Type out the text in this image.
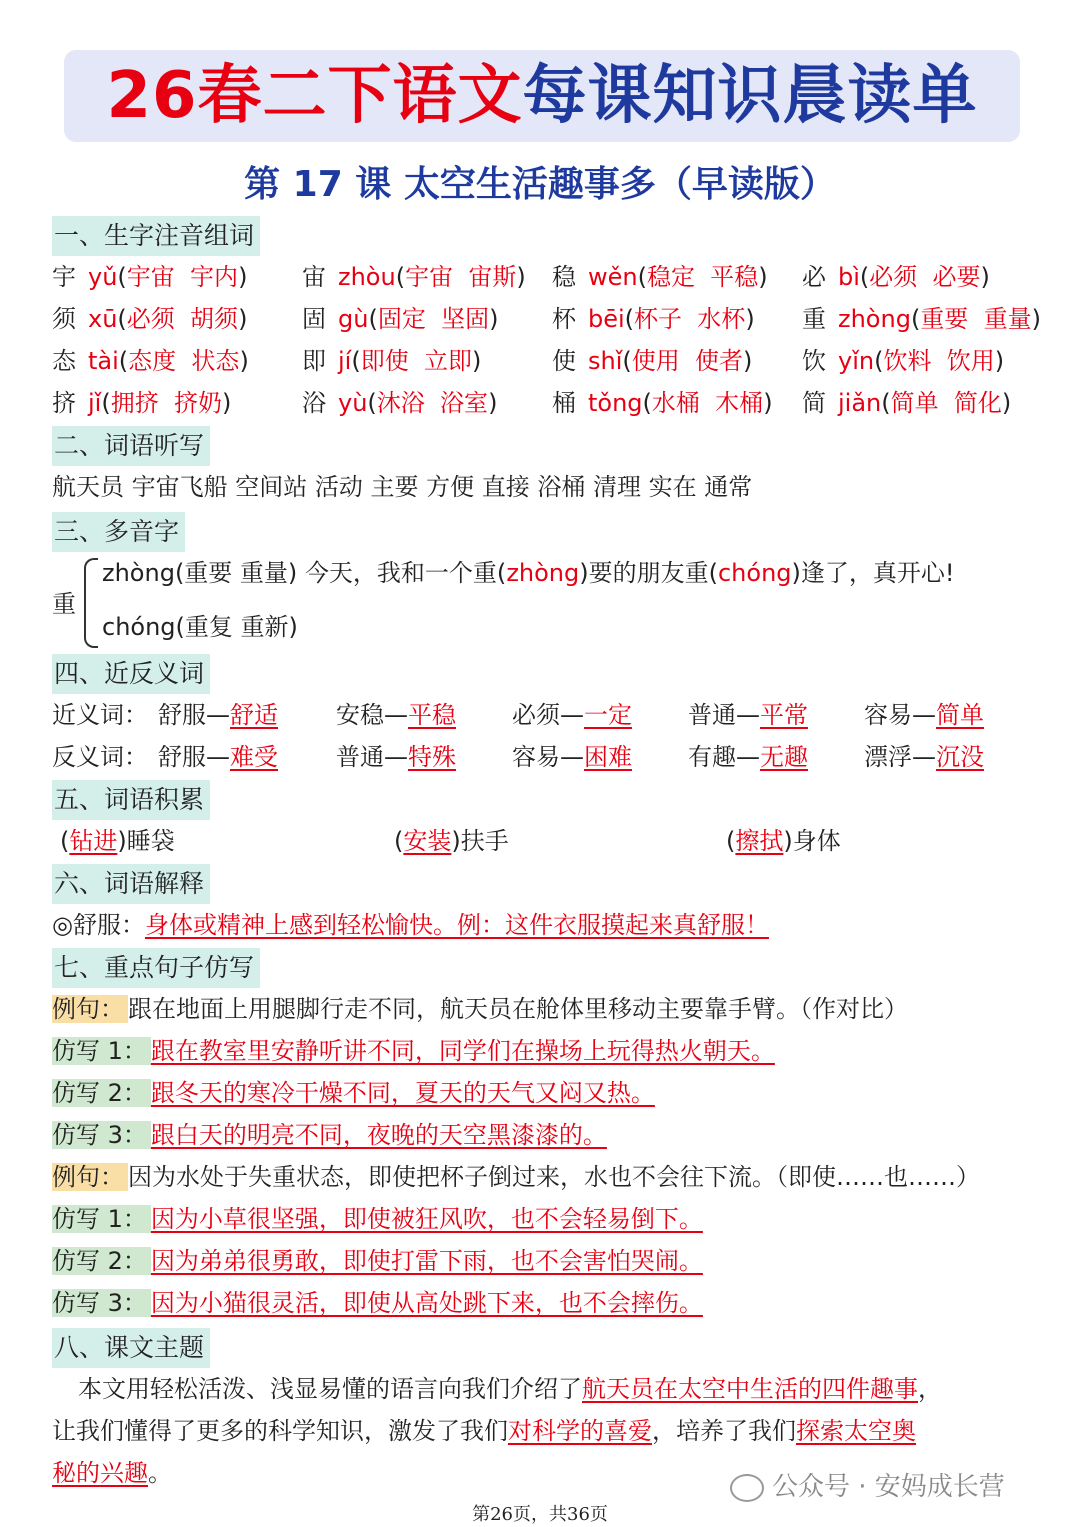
26春二下语文每课知识晨读单
第 17 课 太空生活趣事多（早读版）
一、生字注音组词
宇 yǔ(宇宙  宇内) 宙 zhòu(宇宙  宙斯) 稳 wěn(稳定  平稳) 必 bì(必须  必要)
须 xū(必须  胡须) 固 gù(固定  坚固) 杯 bēi(杯子  水杯) 重 zhòng(重要  重量)
态 tài(态度  状态) 即 jí(即使  立即)	使 shǐ(使用  使者) 饮 yǐn(饮料  饮用)
挤 jǐ(拥挤  挤奶)	浴 yù(沐浴  浴室) 桶 tǒng(水桶  木桶) 简 jiǎn(简单  简化)
二、词语听写
航天员 宇宙飞船 空间站 活动 主要 方便 直接 浴桶 清理 实在 通常
三、多音字
重
zhòng(重要 重量) 今天，我和一个重(zhòng)要的朋友重(chóng)逢了，真开心!
chóng(重复 重新)
四、近反义词
近义词： 舒服—舒适 安稳—平稳 必须—一定 普通—平常 容易—简单
反义词： 舒服—难受 普通—特殊 容易—困难 有趣—无趣 漂浮—沉没
五、词语积累
(钻进)睡袋	(安装)扶手	(擦拭)身体
六、词语解释
◎舒服：身体或精神上感到轻松愉快。例：这件衣服摸起来真舒服！
七、重点句子仿写
例句： 跟在地面上用腿脚行走不同，航天员在舱体里移动主要靠手臂。（作对比）
仿写 1： 跟在教室里安静听讲不同，同学们在操场上玩得热火朝天。
仿写 2： 跟冬天的寒冷干燥不同，夏天的天气又闷又热。
仿写 3： 跟白天的明亮不同，夜晚的天空黑漆漆的。
例句： 因为水处于失重状态，即使把杯子倒过来，水也不会往下流。（即使……也……）
仿写 1： 因为小草很坚强，即使被狂风吹，也不会轻易倒下。
仿写 2： 因为弟弟很勇敢，即使打雷下雨，也不会害怕哭闹。
仿写 3： 因为小猫很灵活，即使从高处跳下来，也不会摔伤。
八、课文主题
本文用轻松活泼、浅显易懂的语言向我们介绍了航天员在太空中生活的四件趣事，
让我们懂得了更多的科学知识，激发了我们对科学的喜爱，培养了我们探索太空奥
秘的兴趣。	公众号 · 安妈成长营
第26页，共36页
